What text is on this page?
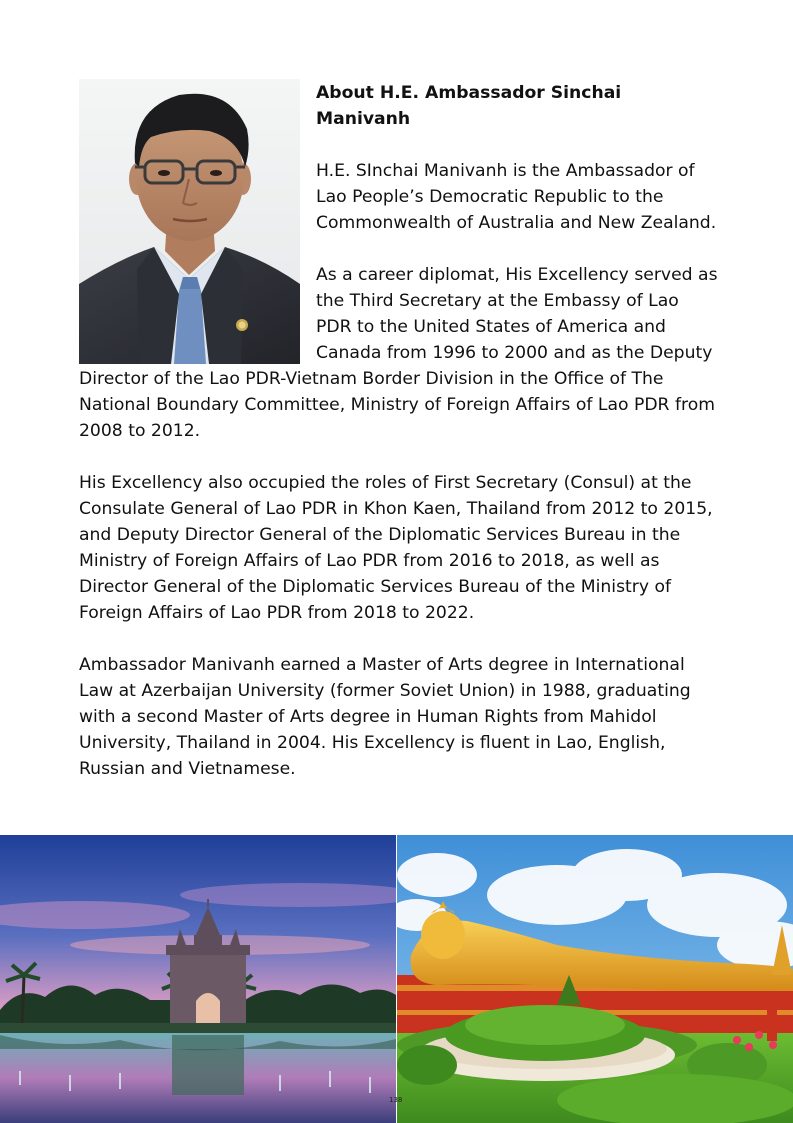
About H.E. Ambassador Sinchai Manivanh

H.E. SInchai Manivanh is the Ambassador of Lao People’s Democratic Republic to the Commonwealth of Australia and New Zealand.

As a career diplomat, His Excellency served as the Third Secretary at the Embassy of Lao PDR to the United States of America and Canada from 1996 to 2000 and as the Deputy Director of the Lao PDR-Vietnam Border Division in the Office of The National Boundary Committee, Ministry of Foreign Affairs of Lao PDR from 2008 to 2012.

His Excellency also occupied the roles of First Secretary (Consul) at the Consulate General of Lao PDR in Khon Kaen, Thailand from 2012 to 2015, and Deputy Director General of the Diplomatic Services Bureau in the Ministry of Foreign Affairs of Lao PDR from 2016 to 2018, as well as Director General of the Diplomatic Services Bureau of the Ministry of Foreign Affairs of Lao PDR from 2018 to 2022.

Ambassador Manivanh earned a Master of Arts degree in International Law at Azerbaijan University (former Soviet Union) in 1988, graduating with a second Master of Arts degree in Human Rights from Mahidol University, Thailand in 2004. His Excellency is fluent in Lao, English, Russian and Vietnamese.

138
